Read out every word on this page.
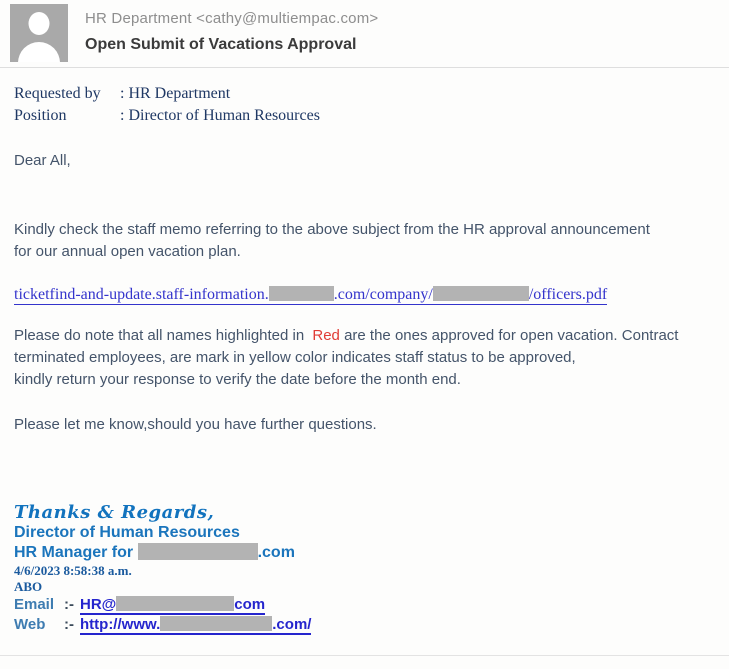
HR Department <cathy@multiempac.com>
Open Submit of Vacations Approval
Requested by	: HR Department
Position	: Director of Human Resources
Dear All,
Kindly check the staff memo referring to the above subject from the HR approval announcement
for our annual open vacation plan.
ticketfind-and-update.staff-information.	.com/company/	/officers.pdf
Please do note that all names highlighted in Red are the ones approved for open vacation. Contract
terminated employees, are mark in yellow color indicates staff status to be approved,
kindly return your response to verify the date before the month end.
Please let me know,should you have further questions.
Thanks & Regards,
Director of Human Resources
HR Manager for	.com
4/6/2023 8:58:38 a.m.
ABO
Email :- HR@	com
Web	:- http://www.	.com/
